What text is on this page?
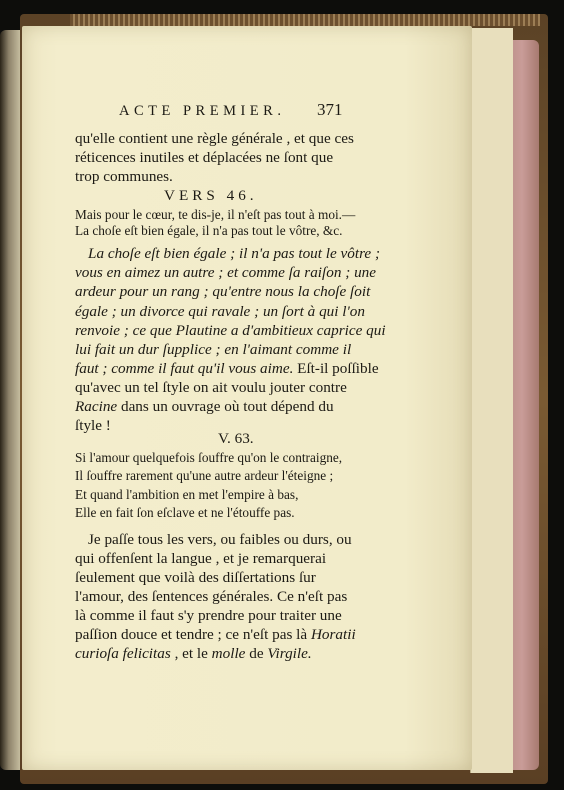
ACTE PREMIER.	371
qu'elle contient une règle générale , et que ces
réticences inutiles et déplacées ne ſont que
trop communes.
VERS 46.
Mais pour le cœur, te dis-je, il n'eſt pas tout à moi.—
La choſe eſt bien égale, il n'a pas tout le vôtre, &c.
La choſe eſt bien égale ; il n'a pas tout le vôtre ;
vous en aimez un autre ; et comme ſa raiſon ; une
ardeur pour un rang ; qu'entre nous la choſe ſoit
égale ; un divorce qui ravale ; un ſort à qui l'on
renvoie ; ce que Plautine a d'ambitieux caprice qui
lui fait un dur ſupplice ; en l'aimant comme il
faut ; comme il faut qu'il vous aime. Eſt-il poſſible
qu'avec un tel ſtyle on ait voulu jouter contre
Racine dans un ouvrage où tout dépend du
ſtyle !
V. 63.
Si l'amour quelquefois ſouffre qu'on le contraigne,
Il ſouffre rarement qu'une autre ardeur l'éteigne ;
Et quand l'ambition en met l'empire à bas,
Elle en fait ſon eſclave et ne l'étouffe pas.
Je paſſe tous les vers, ou faibles ou durs, ou
qui offenſent la langue , et je remarquerai
ſeulement que voilà des diſſertations ſur
l'amour, des ſentences générales. Ce n'eſt pas
là comme il faut s'y prendre pour traiter une
paſſion douce et tendre ; ce n'eſt pas là Horatii
curioſa felicitas , et le molle de Virgile.
